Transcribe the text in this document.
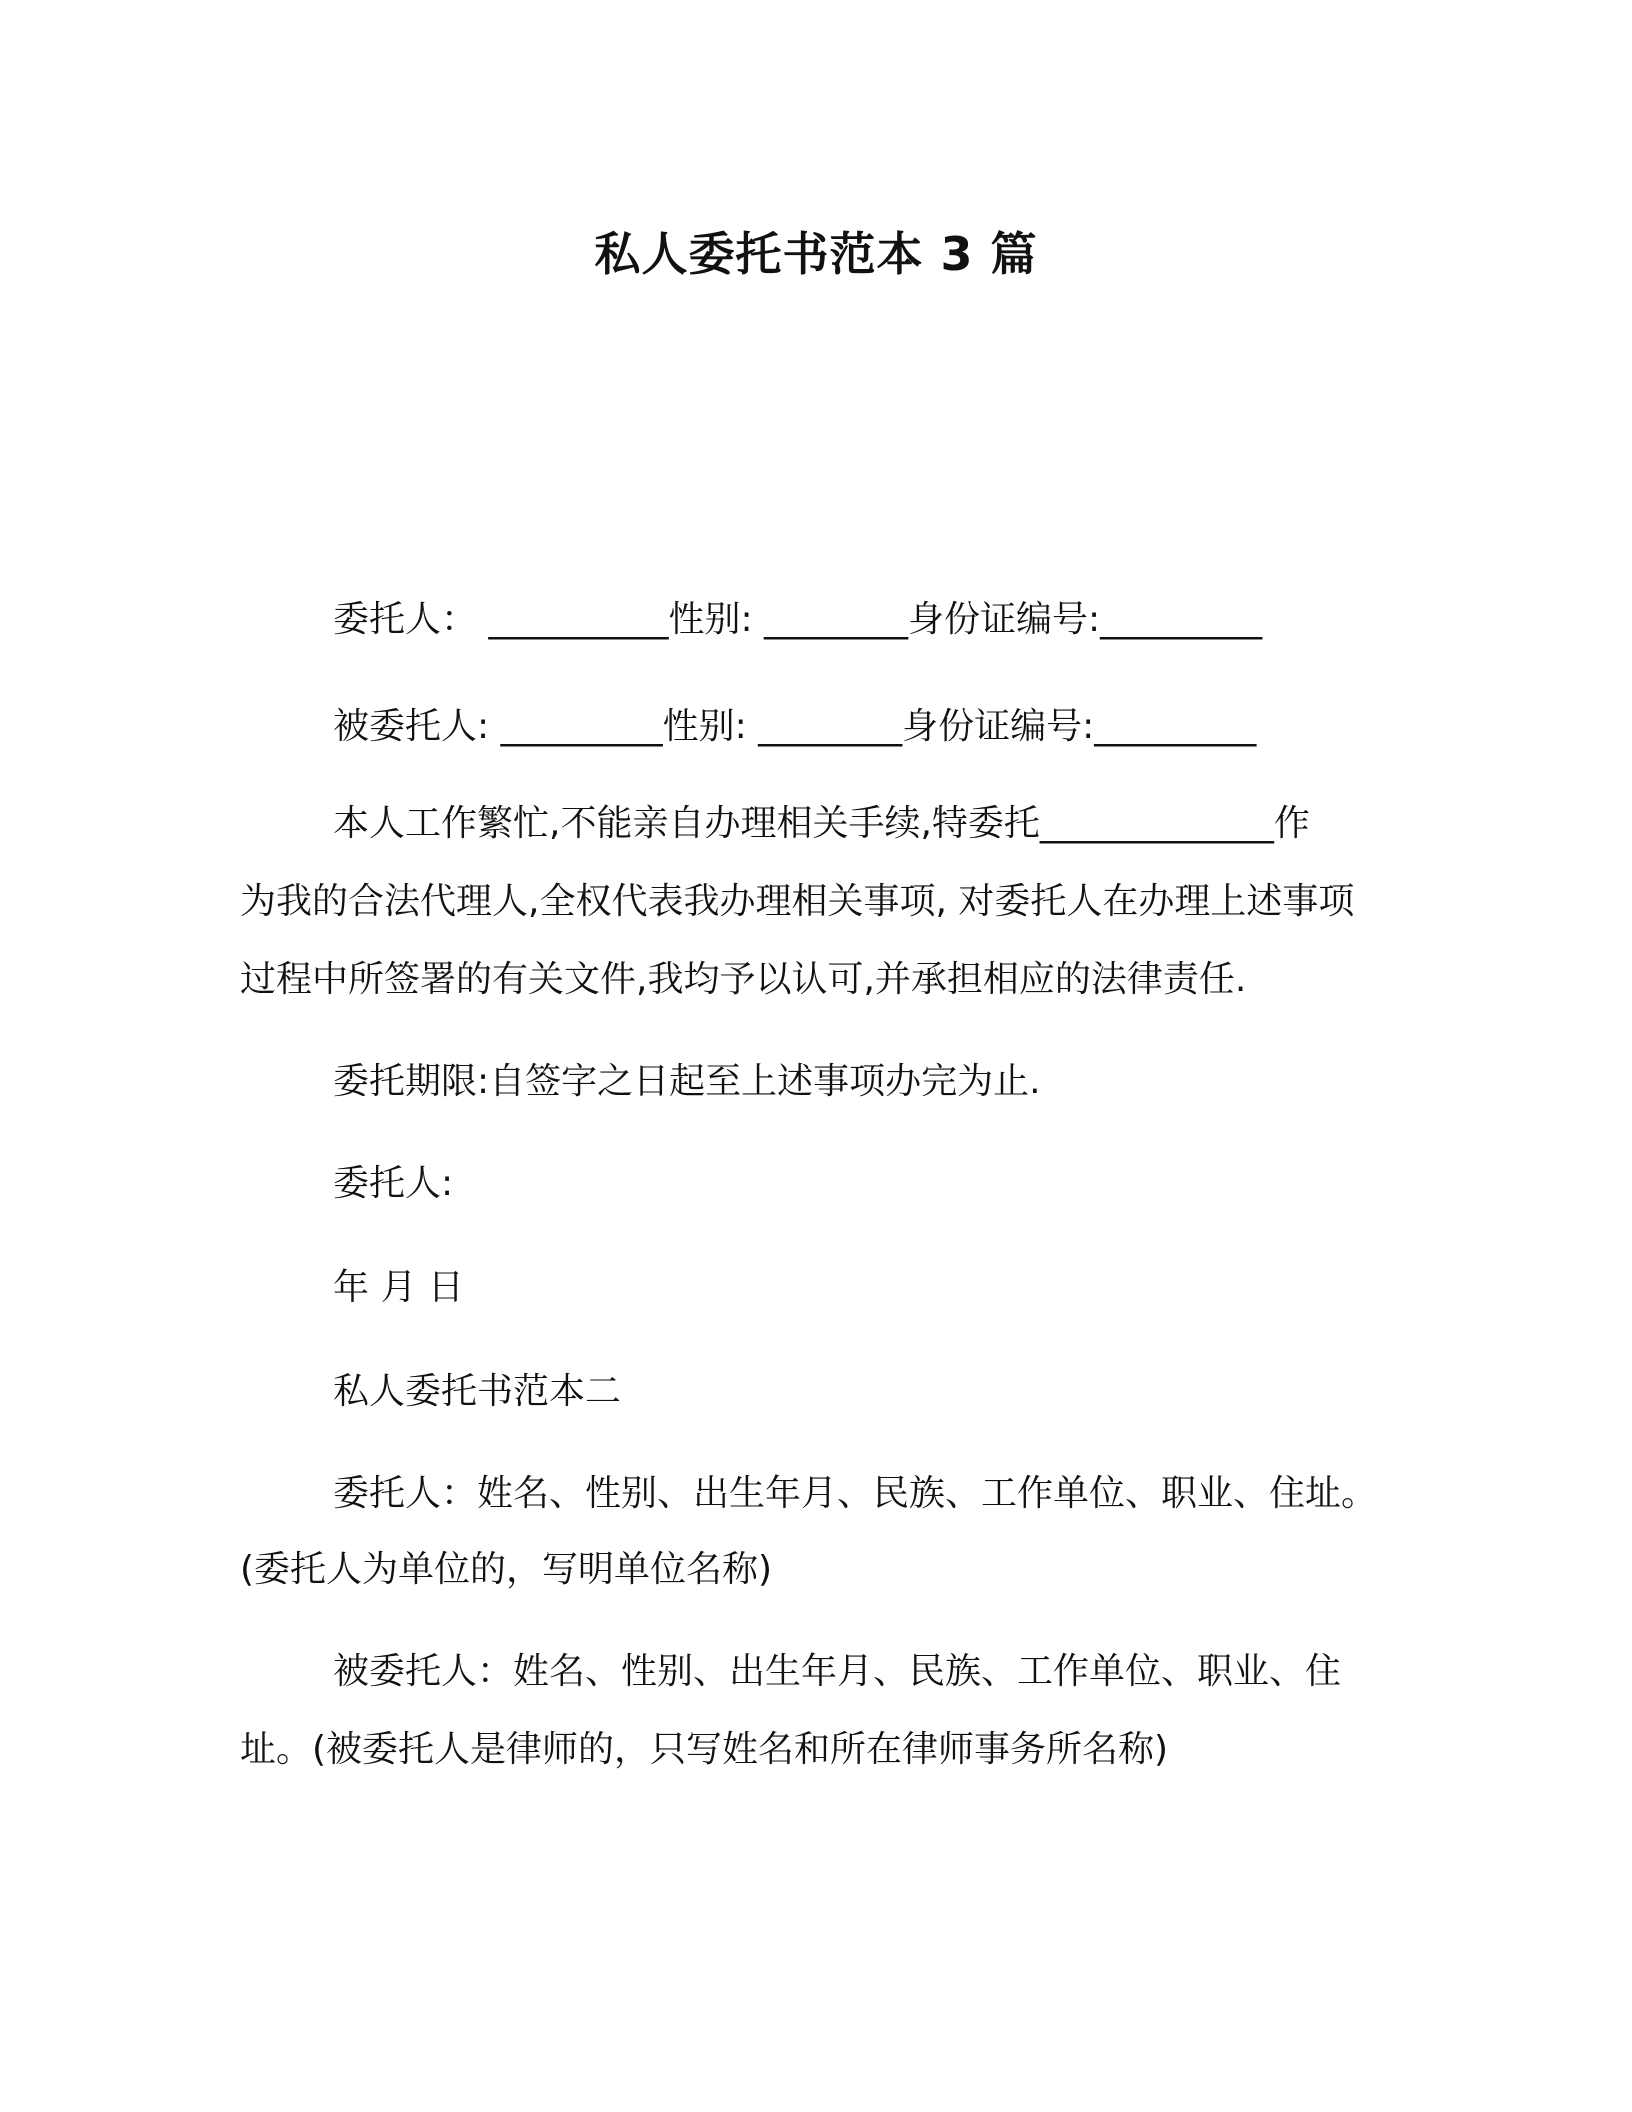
私人委托书范本 3 篇
委托人： __________性别: ________身份证编号:_________
被委托人: _________性别: ________身份证编号:_________
本人工作繁忙,不能亲自办理相关手续,特委托_____________作
为我的合法代理人,全权代表我办理相关事项, 对委托人在办理上述事项
过程中所签署的有关文件,我均予以认可,并承担相应的法律责任.
委托期限:自签字之日起至上述事项办完为止.
委托人:
年 月 日
私人委托书范本二
委托人：姓名、性别、出生年月、民族、工作单位、职业、住址。
(委托人为单位的，写明单位名称)
被委托人：姓名、性别、出生年月、民族、工作单位、职业、住
址。(被委托人是律师的，只写姓名和所在律师事务所名称)
